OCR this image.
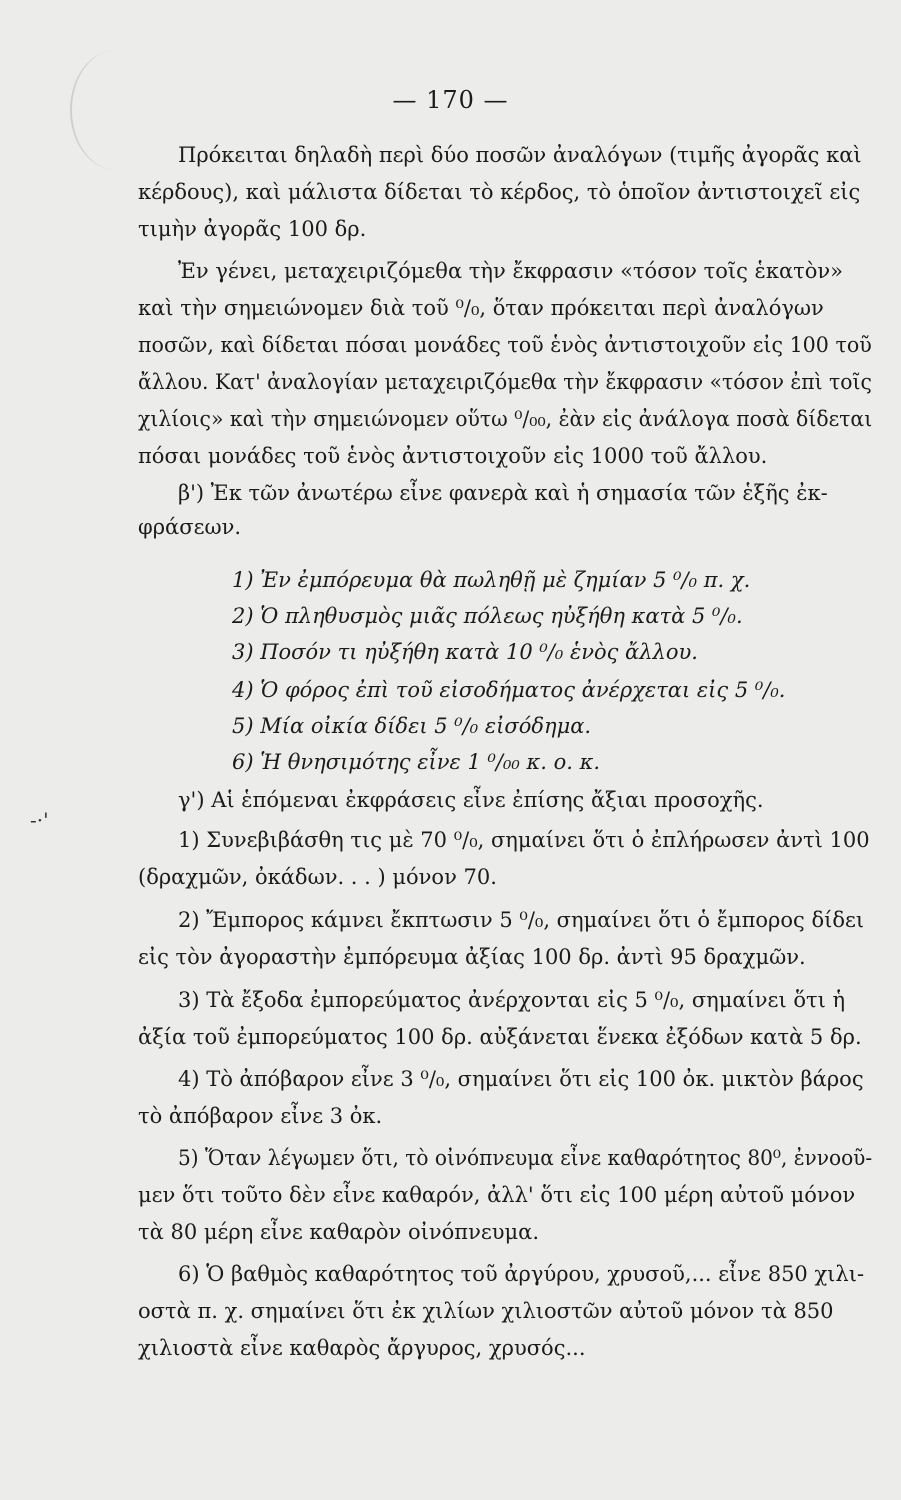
— 170 —
-·'
Πρόκειται δηλαδὴ περὶ δύο ποσῶν ἀναλόγων (τιμῆς ἀγορᾶς καὶ
κέρδους), καὶ μάλιστα δίδεται τὸ κέρδος, τὸ ὁποῖον ἀντιστοιχεῖ εἰς
τιμὴν ἀγορᾶς 100 δρ.
Ἐν γένει, μεταχειριζόμεθα τὴν ἔκφρασιν «τόσον τοῖς ἑκατὸν»
καὶ τὴν σημειώνομεν διὰ τοῦ ⁰/₀, ὅταν πρόκειται περὶ ἀναλόγων
ποσῶν, καὶ δίδεται πόσαι μονάδες τοῦ ἑνὸς ἀντιστοιχοῦν εἰς 100 τοῦ
ἄλλου. Κατ' ἀναλογίαν μεταχειριζόμεθα τὴν ἔκφρασιν «τόσον ἐπὶ τοῖς
χιλίοις» καὶ τὴν σημειώνομεν οὕτω ⁰/₀₀, ἐὰν εἰς ἀνάλογα ποσὰ δίδεται
πόσαι μονάδες τοῦ ἑνὸς ἀντιστοιχοῦν εἰς 1000 τοῦ ἄλλου.
β') Ἐκ τῶν ἀνωτέρω εἶνε φανερὰ καὶ ἡ σημασία τῶν ἑξῆς ἐκ-
φράσεων.
1) Ἐν ἐμπόρευμα θὰ πωληθῇ μὲ ζημίαν 5 ⁰/₀ π. χ.
2) Ὁ πληθυσμὸς μιᾶς πόλεως ηὐξήθη κατὰ 5 ⁰/₀.
3) Ποσόν τι ηὐξήθη κατὰ 10 ⁰/₀ ἑνὸς ἄλλου.
4) Ὁ φόρος ἐπὶ τοῦ εἰσοδήματος ἀνέρχεται εἰς 5 ⁰/₀.
5) Μία οἰκία δίδει 5 ⁰/₀ εἰσόδημα.
6) Ἡ θνησιμότης εἶνε 1 ⁰/₀₀ κ. ο. κ.
γ') Αἱ ἑπόμεναι ἐκφράσεις εἶνε ἐπίσης ἄξιαι προσοχῆς.
1) Συνεβιβάσθη τις μὲ 70 ⁰/₀, σημαίνει ὅτι ὁ ἐπλήρωσεν ἀντὶ 100
(δραχμῶν, ὀκάδων. . . ) μόνον 70.
2) Ἔμπορος κάμνει ἔκπτωσιν 5 ⁰/₀, σημαίνει ὅτι ὁ ἔμπορος δίδει
εἰς τὸν ἀγοραστὴν ἐμπόρευμα ἀξίας 100 δρ. ἀντὶ 95 δραχμῶν.
3) Τὰ ἔξοδα ἐμπορεύματος ἀνέρχονται εἰς 5 ⁰/₀, σημαίνει ὅτι ἡ
ἀξία τοῦ ἐμπορεύματος 100 δρ. αὐξάνεται ἕνεκα ἐξόδων κατὰ 5 δρ.
4) Τὸ ἀπόβαρον εἶνε 3 ⁰/₀, σημαίνει ὅτι εἰς 100 ὀκ. μικτὸν βάρος
τὸ ἀπόβαρον εἶνε 3 ὀκ.
5) Ὅταν λέγωμεν ὅτι, τὸ οἰνόπνευμα εἶνε καθαρότητος 80⁰, ἐννοοῦ-
μεν ὅτι τοῦτο δὲν εἶνε καθαρόν, ἀλλ' ὅτι εἰς 100 μέρη αὐτοῦ μόνον
τὰ 80 μέρη εἶνε καθαρὸν οἰνόπνευμα.
6) Ὁ βαθμὸς καθαρότητος τοῦ ἀργύρου, χρυσοῦ,... εἶνε 850 χιλι-
οστὰ π. χ. σημαίνει ὅτι ἐκ χιλίων χιλιοστῶν αὐτοῦ μόνον τὰ 850
χιλιοστὰ εἶνε καθαρὸς ἄργυρος, χρυσός...
